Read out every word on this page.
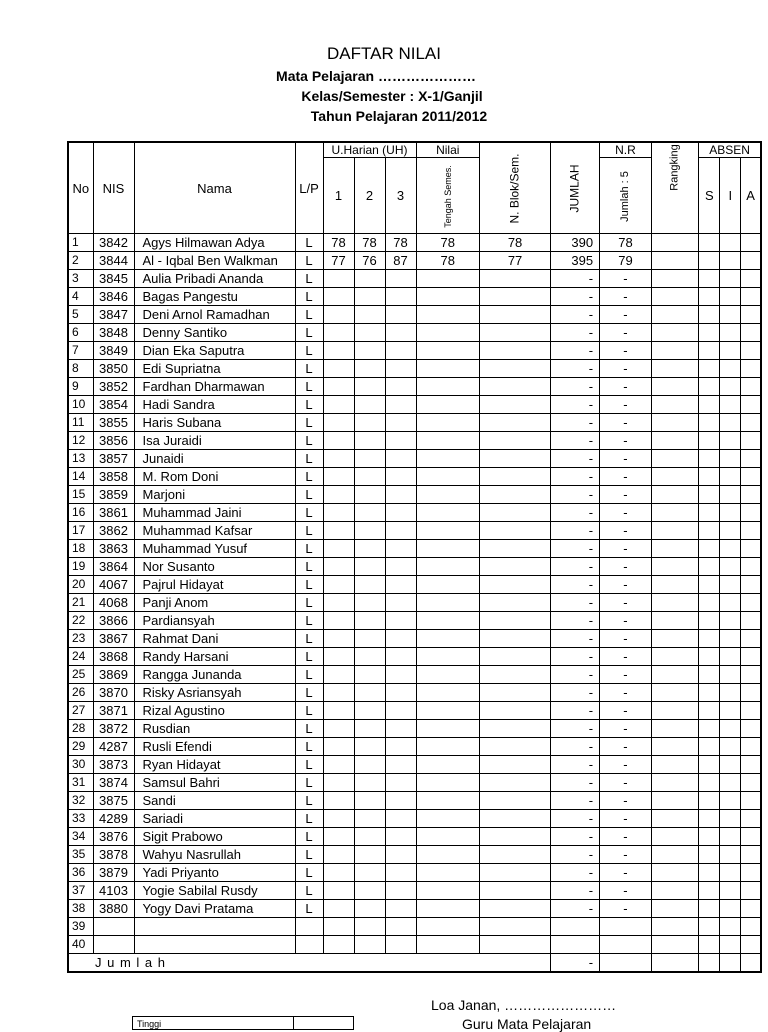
DAFTAR NILAI
Mata Pelajaran …………………
Kelas/Semester : X-1/Ganjil
Tahun Pelajaran 2011/2012
No	NIS	Nama	L/P	U.Harian (UH)			Nilai	N. Blok/Sem.	JUMLAH	N.R	Rangking	ABSEN		
				1	2	3	Tengah Semes.			Jumlah : 5		S	I	A
1	3842	Agys Hilmawan Adya	L	78	78	78	78	78	390	78				
2	3844	Al - Iqbal Ben Walkman	L	77	76	87	78	77	395	79				
3	3845	Aulia Pribadi Ananda	L						-	-				
4	3846	Bagas Pangestu	L						-	-				
5	3847	Deni Arnol Ramadhan	L						-	-				
6	3848	Denny Santiko	L						-	-				
7	3849	Dian Eka Saputra	L						-	-				
8	3850	Edi Supriatna	L						-	-				
9	3852	Fardhan Dharmawan	L						-	-				
10	3854	Hadi Sandra	L						-	-				
11	3855	Haris Subana	L						-	-				
12	3856	Isa Juraidi	L						-	-				
13	3857	Junaidi	L						-	-				
14	3858	M. Rom Doni	L						-	-				
15	3859	Marjoni	L						-	-				
16	3861	Muhammad Jaini	L						-	-				
17	3862	Muhammad Kafsar	L						-	-				
18	3863	Muhammad Yusuf	L						-	-				
19	3864	Nor Susanto	L						-	-				
20	4067	Pajrul Hidayat	L						-	-				
21	4068	Panji Anom	L						-	-				
22	3866	Pardiansyah	L						-	-				
23	3867	Rahmat Dani	L						-	-				
24	3868	Randy Harsani	L						-	-				
25	3869	Rangga Junanda	L						-	-				
26	3870	Risky Asriansyah	L						-	-				
27	3871	Rizal Agustino	L						-	-				
28	3872	Rusdian	L						-	-				
29	4287	Rusli Efendi	L						-	-				
30	3873	Ryan Hidayat	L						-	-				
31	3874	Samsul Bahri	L						-	-				
32	3875	Sandi	L						-	-				
33	4289	Sariadi	L						-	-				
34	3876	Sigit Prabowo	L						-	-				
35	3878	Wahyu Nasrullah	L						-	-				
36	3879	Yadi Priyanto	L						-	-				
37	4103	Yogie Sabilal Rusdy	L						-	-				
38	3880	Yogy Davi Pratama	L						-	-				
39														
40														
J u m l a h									-					
Loa Janan, ……………………
Guru Mata Pelajaran
Tinggi
